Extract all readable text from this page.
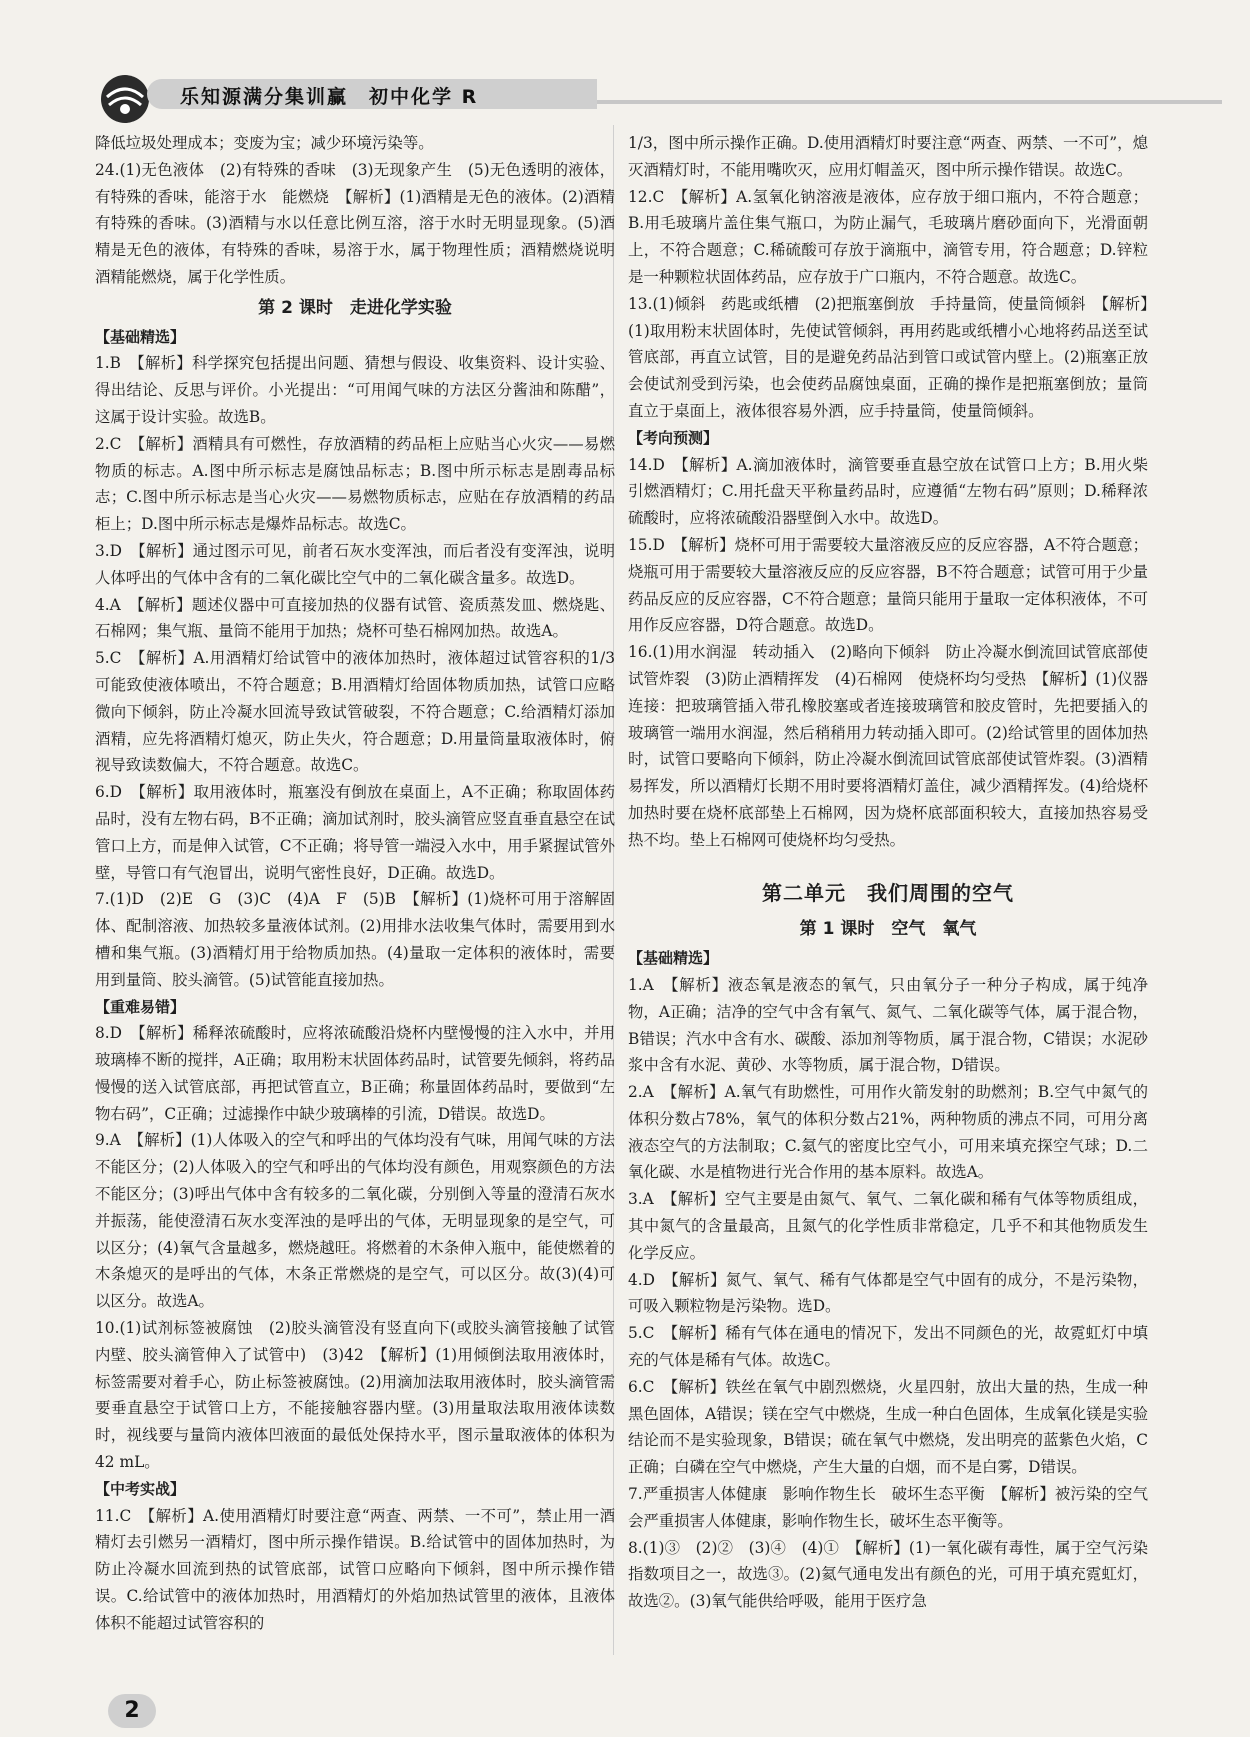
乐知源满分集训赢　初中化学 R

降低垃圾处理成本；变废为宝；减少环境污染等。

24.(1)无色液体　(2)有特殊的香味　(3)无现象产生　(5)无色透明的液体，有特殊的香味，能溶于水　能燃烧　【解析】(1)酒精是无色的液体。(2)酒精有特殊的香味。(3)酒精与水以任意比例互溶，溶于水时无明显现象。(5)酒精是无色的液体，有特殊的香味，易溶于水，属于物理性质；酒精燃烧说明酒精能燃烧，属于化学性质。

第 2 课时　走进化学实验
【基础精选】

1.B　【解析】科学探究包括提出问题、猜想与假设、收集资料、设计实验、得出结论、反思与评价。小光提出：“可用闻气味的方法区分酱油和陈醋”，这属于设计实验。故选B。

2.C　【解析】酒精具有可燃性，存放酒精的药品柜上应贴当心火灾——易燃物质的标志。A.图中所示标志是腐蚀品标志；B.图中所示标志是剧毒品标志；C.图中所示标志是当心火灾——易燃物质标志，应贴在存放酒精的药品柜上；D.图中所示标志是爆炸品标志。故选C。

3.D　【解析】通过图示可见，前者石灰水变浑浊，而后者没有变浑浊，说明人体呼出的气体中含有的二氧化碳比空气中的二氧化碳含量多。故选D。

4.A　【解析】题述仪器中可直接加热的仪器有试管、瓷质蒸发皿、燃烧匙、石棉网；集气瓶、量筒不能用于加热；烧杯可垫石棉网加热。故选A。

5.C　【解析】A.用酒精灯给试管中的液体加热时，液体超过试管容积的1/3可能致使液体喷出，不符合题意；B.用酒精灯给固体物质加热，试管口应略微向下倾斜，防止冷凝水回流导致试管破裂，不符合题意；C.给酒精灯添加酒精，应先将酒精灯熄灭，防止失火，符合题意；D.用量筒量取液体时，俯视导致读数偏大，不符合题意。故选C。

6.D　【解析】取用液体时，瓶塞没有倒放在桌面上，A不正确；称取固体药品时，没有左物右码，B不正确；滴加试剂时，胶头滴管应竖直垂直悬空在试管口上方，而是伸入试管，C不正确；将导管一端浸入水中，用手紧握试管外壁，导管口有气泡冒出，说明气密性良好，D正确。故选D。

7.(1)D　(2)E　G　(3)C　(4)A　F　(5)B　【解析】(1)烧杯可用于溶解固体、配制溶液、加热较多量液体试剂。(2)用排水法收集气体时，需要用到水槽和集气瓶。(3)酒精灯用于给物质加热。(4)量取一定体积的液体时，需要用到量筒、胶头滴管。(5)试管能直接加热。

【重难易错】

8.D　【解析】稀释浓硫酸时，应将浓硫酸沿烧杯内壁慢慢的注入水中，并用玻璃棒不断的搅拌，A正确；取用粉末状固体药品时，试管要先倾斜，将药品慢慢的送入试管底部，再把试管直立，B正确；称量固体药品时，要做到“左物右码”，C正确；过滤操作中缺少玻璃棒的引流，D错误。故选D。

9.A　【解析】(1)人体吸入的空气和呼出的气体均没有气味，用闻气味的方法不能区分；(2)人体吸入的空气和呼出的气体均没有颜色，用观察颜色的方法不能区分；(3)呼出气体中含有较多的二氧化碳，分别倒入等量的澄清石灰水并振荡，能使澄清石灰水变浑浊的是呼出的气体，无明显现象的是空气，可以区分；(4)氧气含量越多，燃烧越旺。将燃着的木条伸入瓶中，能使燃着的木条熄灭的是呼出的气体，木条正常燃烧的是空气，可以区分。故(3)(4)可以区分。故选A。

10.(1)试剂标签被腐蚀　(2)胶头滴管没有竖直向下(或胶头滴管接触了试管内壁、胶头滴管伸入了试管中)　(3)42　【解析】(1)用倾倒法取用液体时，标签需要对着手心，防止标签被腐蚀。(2)用滴加法取用液体时，胶头滴管需要垂直悬空于试管口上方，不能接触容器内壁。(3)用量取法取用液体读数时，视线要与量筒内液体凹液面的最低处保持水平，图示量取液体的体积为 42 mL。

【中考实战】

11.C　【解析】A.使用酒精灯时要注意“两查、两禁、一不可”，禁止用一酒精灯去引燃另一酒精灯，图中所示操作错误。B.给试管中的固体加热时，为防止冷凝水回流到热的试管底部，试管口应略向下倾斜，图中所示操作错误。C.给试管中的液体加热时，用酒精灯的外焰加热试管里的液体，且液体体积不能超过试管容积的

1/3，图中所示操作正确。D.使用酒精灯时要注意“两查、两禁、一不可”，熄灭酒精灯时，不能用嘴吹灭，应用灯帽盖灭，图中所示操作错误。故选C。

12.C　【解析】A.氢氧化钠溶液是液体，应存放于细口瓶内，不符合题意；B.用毛玻璃片盖住集气瓶口，为防止漏气，毛玻璃片磨砂面向下，光滑面朝上，不符合题意；C.稀硫酸可存放于滴瓶中，滴管专用，符合题意；D.锌粒是一种颗粒状固体药品，应存放于广口瓶内，不符合题意。故选C。

13.(1)倾斜　药匙或纸槽　(2)把瓶塞倒放　手持量筒，使量筒倾斜　【解析】(1)取用粉末状固体时，先使试管倾斜，再用药匙或纸槽小心地将药品送至试管底部，再直立试管，目的是避免药品沾到管口或试管内壁上。(2)瓶塞正放会使试剂受到污染，也会使药品腐蚀桌面，正确的操作是把瓶塞倒放；量筒直立于桌面上，液体很容易外洒，应手持量筒，使量筒倾斜。

【考向预测】

14.D　【解析】A.滴加液体时，滴管要垂直悬空放在试管口上方；B.用火柴引燃酒精灯；C.用托盘天平称量药品时，应遵循“左物右码”原则；D.稀释浓硫酸时，应将浓硫酸沿器壁倒入水中。故选D。

15.D　【解析】烧杯可用于需要较大量溶液反应的反应容器，A不符合题意；烧瓶可用于需要较大量溶液反应的反应容器，B不符合题意；试管可用于少量药品反应的反应容器，C不符合题意；量筒只能用于量取一定体积液体，不可用作反应容器，D符合题意。故选D。

16.(1)用水润湿　转动插入　(2)略向下倾斜　防止冷凝水倒流回试管底部使试管炸裂　(3)防止酒精挥发　(4)石棉网　使烧杯均匀受热　【解析】(1)仪器连接：把玻璃管插入带孔橡胶塞或者连接玻璃管和胶皮管时，先把要插入的玻璃管一端用水润湿，然后稍稍用力转动插入即可。(2)给试管里的固体加热时，试管口要略向下倾斜，防止冷凝水倒流回试管底部使试管炸裂。(3)酒精易挥发，所以酒精灯长期不用时要将酒精灯盖住，减少酒精挥发。(4)给烧杯加热时要在烧杯底部垫上石棉网，因为烧杯底部面积较大，直接加热容易受热不均。垫上石棉网可使烧杯均匀受热。

第二单元　我们周围的空气
第 1 课时　空气　氧气
【基础精选】

1.A　【解析】液态氧是液态的氧气，只由氧分子一种分子构成，属于纯净物，A正确；洁净的空气中含有氧气、氮气、二氧化碳等气体，属于混合物，B错误；汽水中含有水、碳酸、添加剂等物质，属于混合物，C错误；水泥砂浆中含有水泥、黄砂、水等物质，属于混合物，D错误。

2.A　【解析】A.氧气有助燃性，可用作火箭发射的助燃剂；B.空气中氮气的体积分数占78%，氧气的体积分数占21%，两种物质的沸点不同，可用分离液态空气的方法制取；C.氦气的密度比空气小，可用来填充探空气球；D.二氧化碳、水是植物进行光合作用的基本原料。故选A。

3.A　【解析】空气主要是由氮气、氧气、二氧化碳和稀有气体等物质组成，其中氮气的含量最高，且氮气的化学性质非常稳定，几乎不和其他物质发生化学反应。

4.D　【解析】氮气、氧气、稀有气体都是空气中固有的成分，不是污染物，可吸入颗粒物是污染物。选D。

5.C　【解析】稀有气体在通电的情况下，发出不同颜色的光，故霓虹灯中填充的气体是稀有气体。故选C。

6.C　【解析】铁丝在氧气中剧烈燃烧，火星四射，放出大量的热，生成一种黑色固体，A错误；镁在空气中燃烧，生成一种白色固体，生成氧化镁是实验结论而不是实验现象，B错误；硫在氧气中燃烧，发出明亮的蓝紫色火焰，C正确；白磷在空气中燃烧，产生大量的白烟，而不是白雾，D错误。

7.严重损害人体健康　影响作物生长　破坏生态平衡　【解析】被污染的空气会严重损害人体健康，影响作物生长，破坏生态平衡等。

8.(1)③　(2)②　(3)④　(4)①　【解析】(1)一氧化碳有毒性，属于空气污染指数项目之一，故选③。(2)氦气通电发出有颜色的光，可用于填充霓虹灯，故选②。(3)氧气能供给呼吸，能用于医疗急

2
